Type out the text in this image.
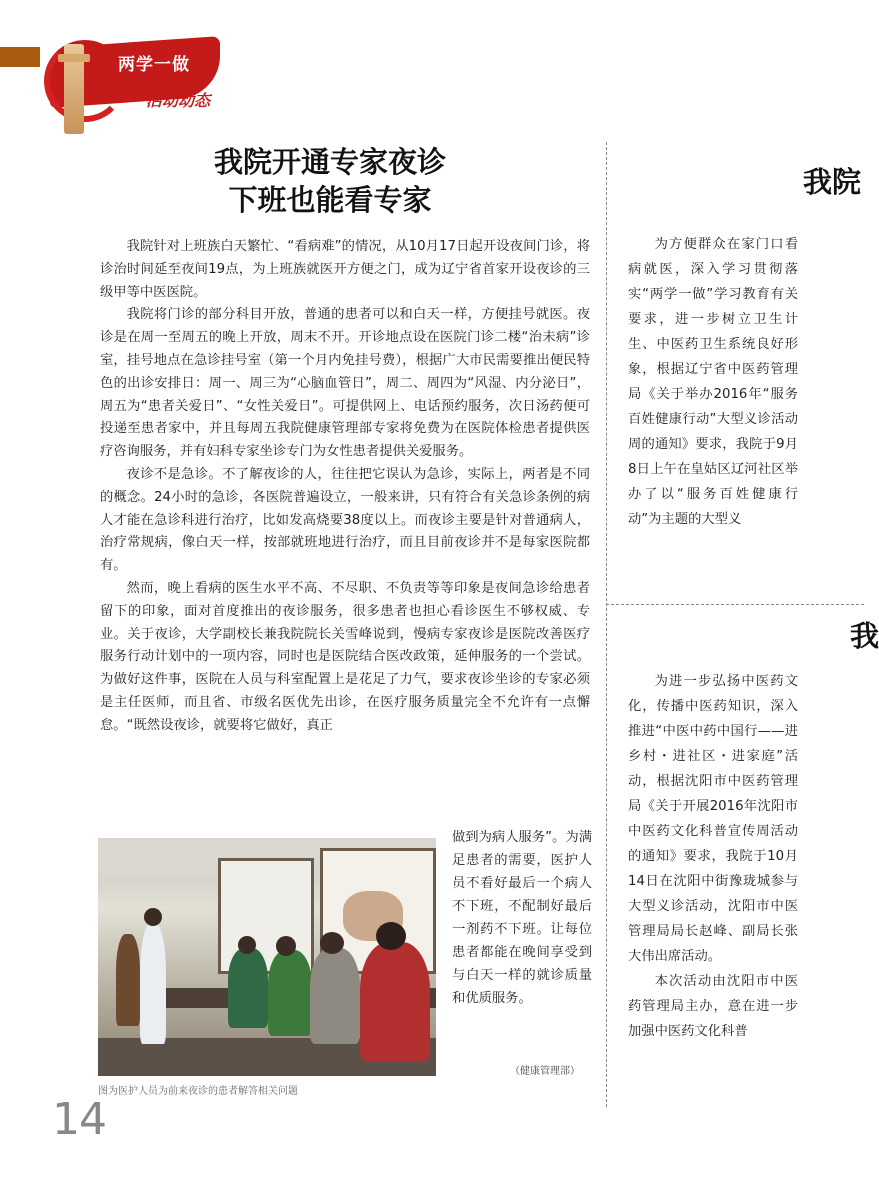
两学一做
活动动态
我院开通专家夜诊
下班也能看专家

我院针对上班族白天繁忙、“看病难”的情况，从10月17日起开设夜间门诊，将诊治时间延至夜间19点，为上班族就医开方便之门，成为辽宁省首家开设夜诊的三级甲等中医医院。

我院将门诊的部分科目开放，普通的患者可以和白天一样，方便挂号就医。夜诊是在周一至周五的晚上开放，周末不开。开诊地点设在医院门诊二楼“治未病”诊室，挂号地点在急诊挂号室（第一个月内免挂号费），根据广大市民需要推出便民特色的出诊安排日：周一、周三为“心脑血管日”，周二、周四为“风湿、内分泌日”，周五为“患者关爱日”、“女性关爱日”。可提供网上、电话预约服务，次日汤药便可投递至患者家中，并且每周五我院健康管理部专家将免费为在医院体检患者提供医疗咨询服务，并有妇科专家坐诊专门为女性患者提供关爱服务。

夜诊不是急诊。不了解夜诊的人，往往把它误认为急诊，实际上，两者是不同的概念。24小时的急诊，各医院普遍设立，一般来讲，只有符合有关急诊条例的病人才能在急诊科进行治疗，比如发高烧要38度以上。而夜诊主要是针对普通病人，治疗常规病，像白天一样，按部就班地进行治疗，而且目前夜诊并不是每家医院都有。

然而，晚上看病的医生水平不高、不尽职、不负责等等印象是夜间急诊给患者留下的印象，面对首度推出的夜诊服务，很多患者也担心看诊医生不够权威、专业。关于夜诊，大学副校长兼我院院长关雪峰说到，慢病专家夜诊是医院改善医疗服务行动计划中的一项内容，同时也是医院结合医改政策，延伸服务的一个尝试。为做好这件事，医院在人员与科室配置上是花足了力气，要求夜诊坐诊的专家必须是主任医师，而且省、市级名医优先出诊，在医疗服务质量完全不允许有一点懈怠。“既然设夜诊，就要将它做好，真正

做到为病人服务”。为满足患者的需要，医护人员不看好最后一个病人不下班，不配制好最后一剂药不下班。让每位患者都能在晚间享受到与白天一样的就诊质量和优质服务。
（健康管理部）
图为医护人员为前来夜诊的患者解答相关问题
14
我院

为方便群众在家门口看病就医，深入学习贯彻落实“两学一做”学习教育有关要求，进一步树立卫生计生、中医药卫生系统良好形象，根据辽宁省中医药管理局《关于举办2016年“服务百姓健康行动”大型义诊活动周的通知》要求，我院于9月8日上午在皇姑区辽河社区举办了以“服务百姓健康行动”为主题的大型义

我

为进一步弘扬中医药文化，传播中医药知识，深入推进“中医中药中国行——进乡村・进社区・进家庭”活动，根据沈阳市中医药管理局《关于开展2016年沈阳市中医药文化科普宣传周活动的通知》要求，我院于10月14日在沈阳中街豫珑城参与大型义诊活动，沈阳市中医管理局局长赵峰、副局长张大伟出席活动。

本次活动由沈阳市中医药管理局主办，意在进一步加强中医药文化科普
